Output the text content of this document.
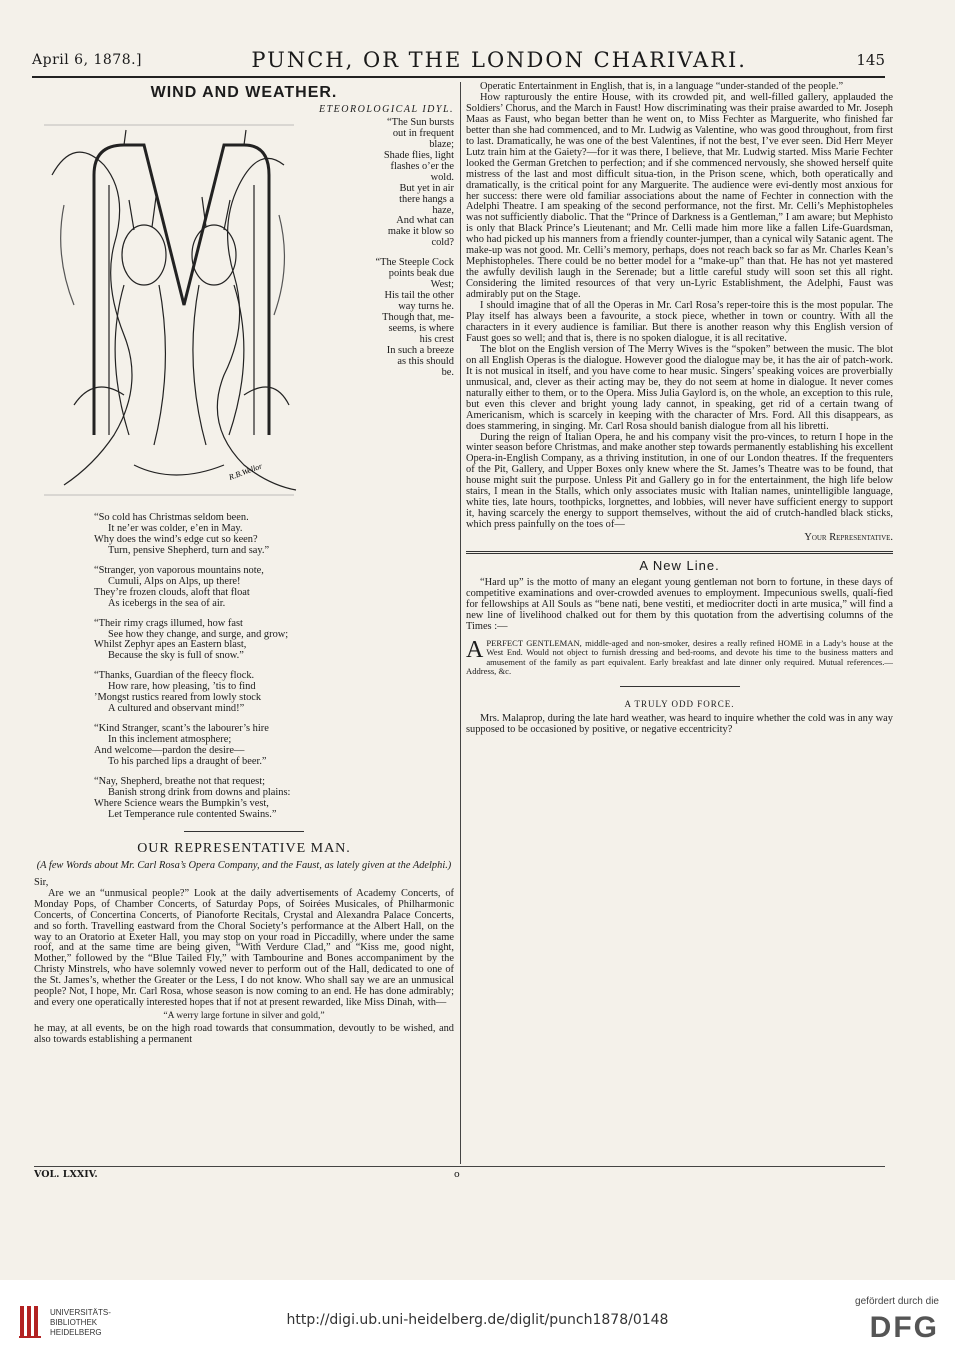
April 6, 1878.]	PUNCH, OR THE LONDON CHARIVARI.	145
WIND AND WEATHER.
R.B.Wellor
ETEOROLOGICAL IDYL.
“The Sun bursts
out in frequent
blaze;
Shade flies, light
flashes o’er the
wold.
But yet in air
there hangs a
haze,
And what can
make it blow so
cold?
“The Steeple Cock
points beak due
West;
His tail the other
way turns he.
Though that, me-
seems, is where
his crest
In such a breeze
as this should
be.
“So cold has Christmas seldom been.
It ne’er was colder, e’en in May.
Why does the wind’s edge cut so keen?
Turn, pensive Shepherd, turn and say.”
“Stranger, yon vaporous mountains note,
Cumuli, Alps on Alps, up there!
They’re frozen clouds, aloft that float
As icebergs in the sea of air.
“Their rimy crags illumed, how fast
See how they change, and surge, and grow;
Whilst Zephyr apes an Eastern blast,
Because the sky is full of snow.”
“Thanks, Guardian of the fleecy flock.
How rare, how pleasing, ’tis to find
’Mongst rustics reared from lowly stock
A cultured and observant mind!”
“Kind Stranger, scant’s the labourer’s hire
In this inclement atmosphere;
And welcome—pardon the desire—
To his parched lips a draught of beer.”
“Nay, Shepherd, breathe not that request;
Banish strong drink from downs and plains:
Where Science wears the Bumpkin’s vest,
Let Temperance rule contented Swains.”
OUR REPRESENTATIVE MAN.
(A few Words about Mr. Carl Rosa’s Opera Company, and the Faust, as lately given at the Adelphi.)

Sir,

Are we an “unmusical people?” Look at the daily advertisements of Academy Concerts, of Monday Pops, of Chamber Concerts, of Saturday Pops, of Soirées Musicales, of Philharmonic Concerts, of Concertina Concerts, of Pianoforte Recitals, Crystal and Alexandra Palace Concerts, and so forth. Travelling eastward from the Choral Society’s performance at the Albert Hall, on the way to an Oratorio at Exeter Hall, you may stop on your road in Piccadilly, where under the same roof, and at the same time are being given, “With Verdure Clad,” and “Kiss me, good night, Mother,” followed by the “Blue Tailed Fly,” with Tambourine and Bones accompaniment by the Christy Minstrels, who have solemnly vowed never to perform out of the Hall, dedicated to one of the St. James’s, whether the Greater or the Less, I do not know. Who shall say we are an unmusical people? Not, I hope, Mr. Carl Rosa, whose season is now coming to an end. He has done admirably; and every one operatically interested hopes that if not at present rewarded, like Miss Dinah, with—

“A werry large fortune in silver and gold,”

he may, at all events, be on the high road towards that consummation, devoutly to be wished, and also towards establishing a permanent

Operatic Entertainment in English, that is, in a language “under-standed of the people.”

How rapturously the entire House, with its crowded pit, and well-filled gallery, applauded the Soldiers’ Chorus, and the March in Faust! How discriminating was their praise awarded to Mr. Joseph Maas as Faust, who began better than he went on, to Miss Fechter as Marguerite, who finished far better than she had commenced, and to Mr. Ludwig as Valentine, who was good throughout, from first to last. Dramatically, he was one of the best Valentines, if not the best, I’ve ever seen. Did Herr Meyer Lutz train him at the Gaiety?—for it was there, I believe, that Mr. Ludwig started. Miss Marie Fechter looked the German Gretchen to perfection; and if she commenced nervously, she showed herself quite mistress of the last and most difficult situa-tion, in the Prison scene, which, both operatically and dramatically, is the critical point for any Marguerite. The audience were evi-dently most anxious for her success: there were old familiar associations about the name of Fechter in connection with the Adelphi Theatre. I am speaking of the second performance, not the first. Mr. Celli’s Mephistopheles was not sufficiently diabolic. That the “Prince of Darkness is a Gentleman,” I am aware; but Mephisto is only that Black Prince’s Lieutenant; and Mr. Celli made him more like a fallen Life-Guardsman, who had picked up his manners from a friendly counter-jumper, than a cynical wily Satanic agent. The make-up was not good. Mr. Celli’s memory, perhaps, does not reach back so far as Mr. Charles Kean’s Mephistopheles. There could be no better model for a “make-up” than that. He has not yet mastered the awfully devilish laugh in the Serenade; but a little careful study will soon set this all right. Considering the limited resources of that very un-Lyric Establishment, the Adelphi, Faust was admirably put on the Stage.

I should imagine that of all the Operas in Mr. Carl Rosa’s reper-toire this is the most popular. The Play itself has always been a favourite, a stock piece, whether in town or country. With all the characters in it every audience is familiar. But there is another reason why this English version of Faust goes so well; and that is, there is no spoken dialogue, it is all recitative.

The blot on the English version of The Merry Wives is the “spoken” between the music. The blot on all English Operas is the dialogue. However good the dialogue may be, it has the air of patch-work. It is not musical in itself, and you have come to hear music. Singers’ speaking voices are proverbially unmusical, and, clever as their acting may be, they do not seem at home in dialogue. It never comes naturally either to them, or to the Opera. Miss Julia Gaylord is, on the whole, an exception to this rule, but even this clever and bright young lady cannot, in speaking, get rid of a certain twang of Americanism, which is scarcely in keeping with the character of Mrs. Ford. All this disappears, as does stammering, in singing. Mr. Carl Rosa should banish dialogue from all his libretti.

During the reign of Italian Opera, he and his company visit the pro-vinces, to return I hope in the winter season before Christmas, and make another step towards permanently establishing his excellent Opera-in-English Company, as a thriving institution, in one of our London theatres. If the frequenters of the Pit, Gallery, and Upper Boxes only knew where the St. James’s Theatre was to be found, that house might suit the purpose. Unless Pit and Gallery go in for the entertainment, the high life below stairs, I mean in the Stalls, which only associates music with Italian names, unintelligible language, white ties, late hours, toothpicks, lorgnettes, and lobbies, will never have sufficient energy to support it, having scarcely the energy to support themselves, without the aid of crutch-handled black sticks, which press painfully on the toes of—

Your Representative.
A New Line.

“Hard up” is the motto of many an elegant young gentleman not born to fortune, in these days of competitive examinations and over-crowded avenues to employment. Impecunious swells, quali-fied for fellowships at All Souls as “bene nati, bene vestiti, et mediocriter docti in arte musica,” will find a new line of livelihood chalked out for them by this quotation from the advertising columns of the Times :—

A PERFECT GENTLEMAN, middle-aged and non-smoker, desires a really refined HOME in a Lady’s house at the West End. Would not object to furnish dressing and bed-rooms, and devote his time to the business matters and amusement of the family as part equivalent. Early breakfast and late dinner only required. Mutual references.—Address, &c.
A TRULY ODD FORCE.

Mrs. Malaprop, during the late hard weather, was heard to inquire whether the cold was in any way supposed to be occasioned by positive, or negative eccentricity?

VOL. LXXIV.	o
UNIVERSITÄTS-
BIBLIOTHEK
HEIDELBERG
http://digi.ub.uni-heidelberg.de/diglit/punch1878/0148
gefördert durch die
DFG
